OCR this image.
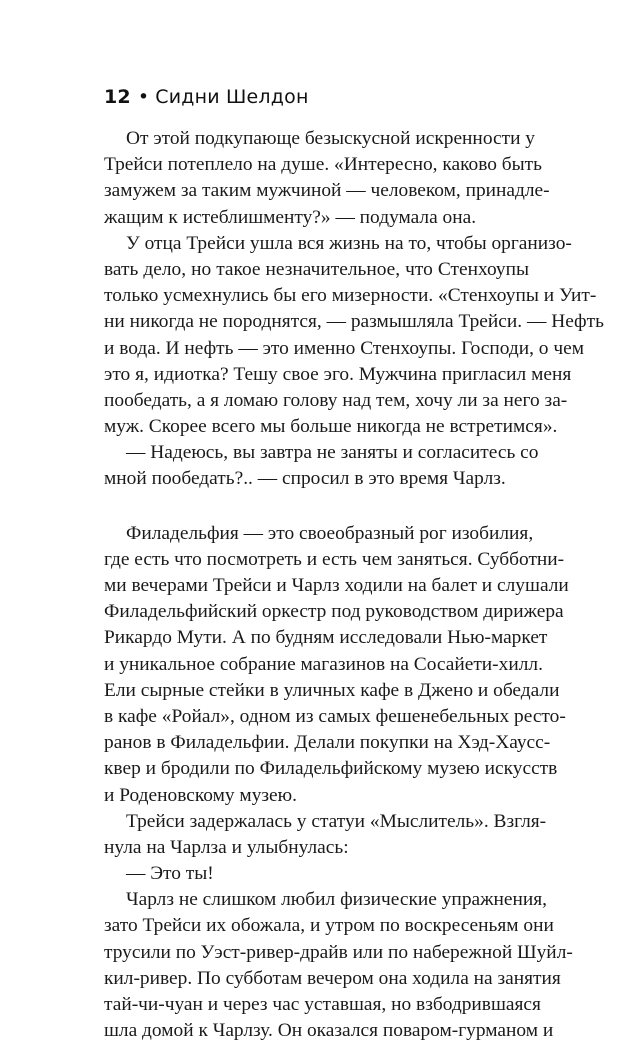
12 • Сидни Шелдон
От этой подкупающе безыскусной искренности у
Трейси потеплело на душе. «Интересно, каково быть
замужем за таким мужчиной — человеком, принадле-
жащим к истеблишменту?» — подумала она.
У отца Трейси ушла вся жизнь на то, чтобы организо-
вать дело, но такое незначительное, что Стенхоупы
только усмехнулись бы его мизерности. «Стенхоупы и Уит-
ни никогда не породнятся, — размышляла Трейси. — Нефть
и вода. И нефть — это именно Стенхоупы. Господи, о чем
это я, идиотка? Тешу свое эго. Мужчина пригласил меня
пообедать, а я ломаю голову над тем, хочу ли за него за-
муж. Скорее всего мы больше никогда не встретимся».
— Надеюсь, вы завтра не заняты и согласитесь со
мной пообедать?.. — спросил в это время Чарлз.
Филадельфия — это своеобразный рог изобилия,
где есть что посмотреть и есть чем заняться. Субботни-
ми вечерами Трейси и Чарлз ходили на балет и слушали
Филадельфийский оркестр под руководством дирижера
Рикардо Мути. А по будням исследовали Нью-маркет
и уникальное собрание магазинов на Сосайети-хилл.
Ели сырные стейки в уличных кафе в Джено и обедали
в кафе «Ройал», одном из самых фешенебельных ресто-
ранов в Филадельфии. Делали покупки на Хэд-Хаусс-
квер и бродили по Филадельфийскому музею искусств
и Роденовскому музею.
Трейси задержалась у статуи «Мыслитель». Взгля-
нула на Чарлза и улыбнулась:
— Это ты!
Чарлз не слишком любил физические упражнения,
зато Трейси их обожала, и утром по воскресеньям они
трусили по Уэст-ривер-драйв или по набережной Шуйл-
кил-ривер. По субботам вечером она ходила на занятия
тай-чи-чуан и через час уставшая, но взбодрившаяся
шла домой к Чарлзу. Он оказался поваром-гурманом и
